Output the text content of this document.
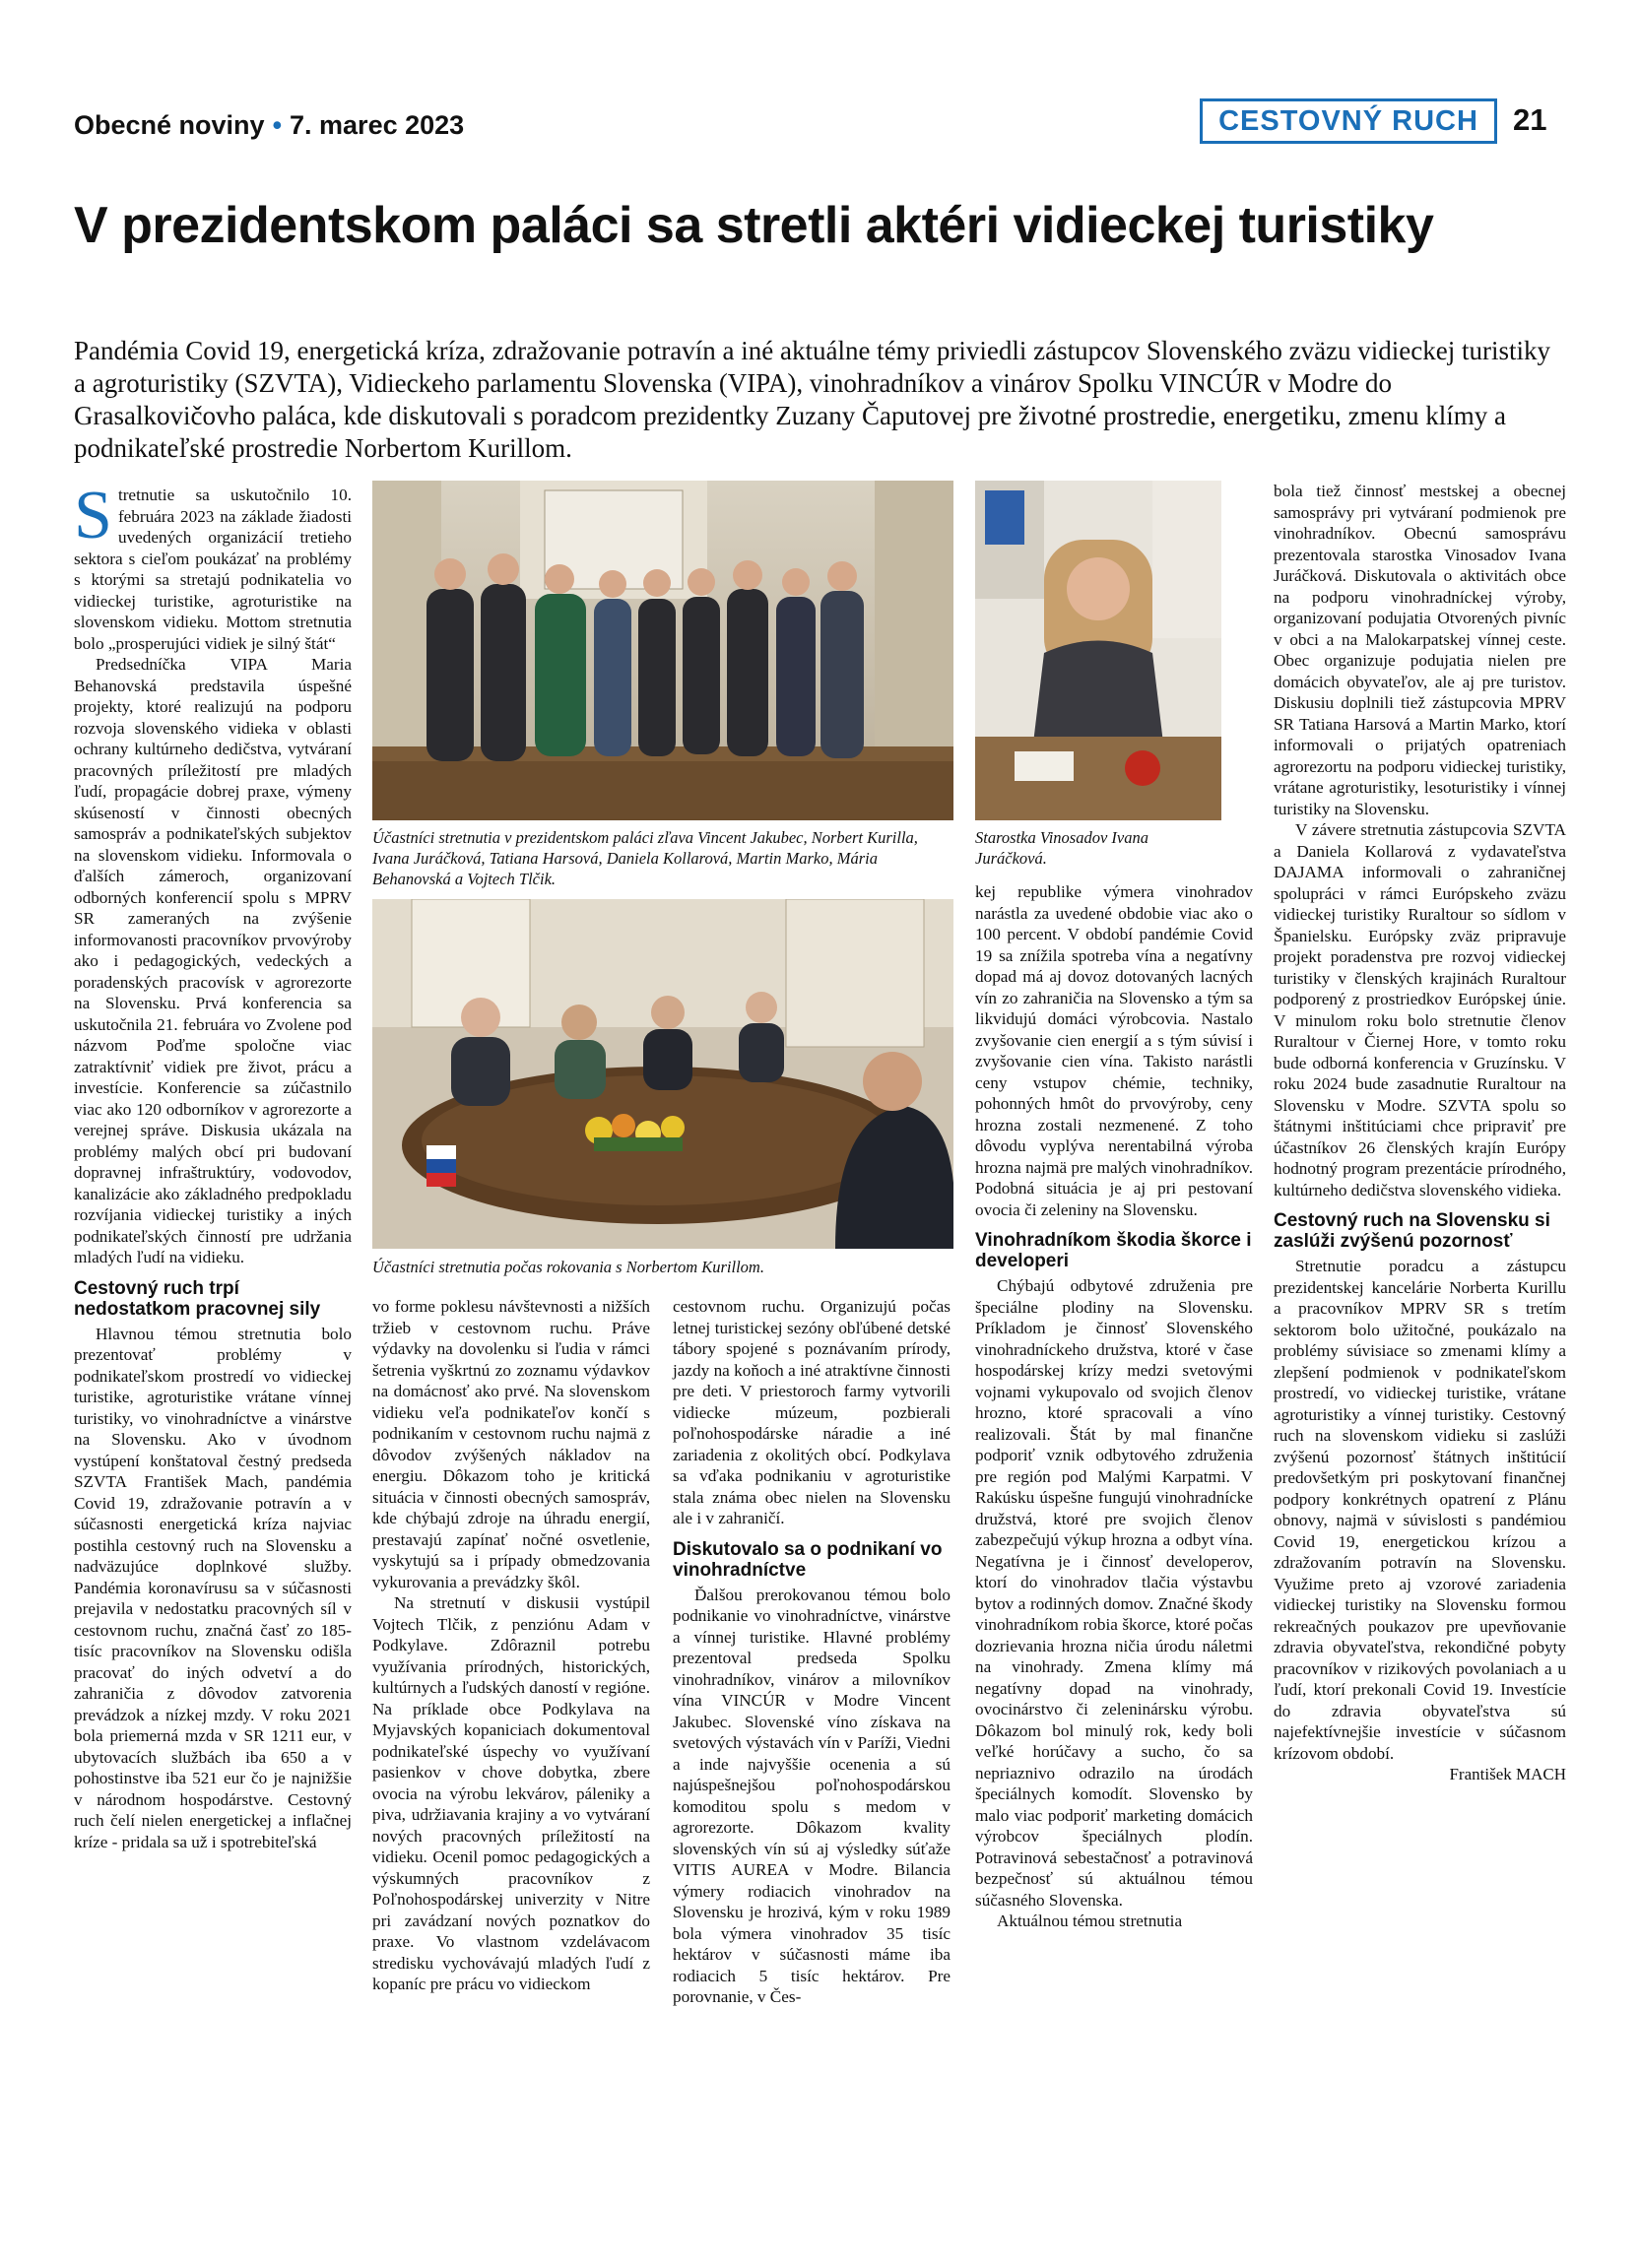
Obecné noviny • 7. marec 2023	CESTOVNÝ RUCH	21
V prezidentskom paláci sa stretli aktéri vidieckej turistiky
Pandémia Covid 19, energetická kríza, zdražovanie potravín a iné aktuálne témy priviedli zástupcov Slovenského zväzu vidieckej turistiky a agroturistiky (SZVTA), Vidieckeho parlamentu Slovenska (VIPA), vinohradníkov a vinárov Spolku VINCÚR v Modre do Grasalkovičovho paláca, kde diskutovali s poradcom prezidentky Zuzany Čaputovej pre životné prostredie, energetiku, zmenu klímy a podnikateľské prostredie Norbertom Kurillom.

Stretnutie sa uskutočnilo 10. februára 2023 na základe žiadosti uvedených organizácií tretieho sektora s cieľom poukázať na problémy s ktorými sa stretajú podnikatelia vo vidieckej turistike, agroturistike na slovenskom vidieku. Mottom stretnutia bolo „prosperujúci vidiek je silný štát“

Predsedníčka VIPA Maria Behanovská predstavila úspešné projekty, ktoré realizujú na podporu rozvoja slovenského vidieka v oblasti ochrany kultúrneho dedičstva, vytváraní pracovných príležitostí pre mladých ľudí, propagácie dobrej praxe, výmeny skúseností v činnosti obecných samospráv a podnikateľských subjektov na slovenskom vidieku. Informovala o ďalších zámeroch, organizovaní odborných konferencií spolu s MPRV SR zameraných na zvýšenie informovanosti pracovníkov prvovýroby ako i pedagogických, vedeckých a poradenských pracovísk v agrorezorte na Slovensku. Prvá konferencia sa uskutočnila 21. februára vo Zvolene pod názvom Poďme spoločne viac zatraktívniť vidiek pre život, prácu a investície. Konferencie sa zúčastnilo viac ako 120 odborníkov v agrorezorte a verejnej správe. Diskusia ukázala na problémy malých obcí pri budovaní dopravnej infraštruktúry, vodovodov, kanalizácie ako základného predpokladu rozvíjania vidieckej turistiky a iných podnikateľských činností pre udržania mladých ľudí na vidieku.

Cestovný ruch trpí nedostatkom pracovnej sily

Hlavnou témou stretnutia bolo prezentovať problémy v podnikateľskom prostredí vo vidieckej turistike, agroturistike vrátane vínnej turistiky, vo vinohradníctve a vinárstve na Slovensku. Ako v úvodnom vystúpení konštatoval čestný predseda SZVTA František Mach, pandémia Covid 19, zdražovanie potravín a v súčasnosti energetická kríza najviac postihla cestovný ruch na Slovensku a nadväzujúce doplnkové služby. Pandémia koronavírusu sa v súčasnosti prejavila v nedostatku pracovných síl v cestovnom ruchu, značná časť zo 185- tisíc pracovníkov na Slovensku odišla pracovať do iných odvetví a do zahraničia z dôvodov zatvorenia prevádzok a nízkej mzdy. V roku 2021 bola priemerná mzda v SR 1211 eur, v ubytovacích službách iba 650 a v pohostinstve iba 521 eur čo je najnižšie v národnom hospodárstve. Cestovný ruch čelí nielen energetickej a inflačnej kríze - pridala sa už i spotrebiteľská

Účastníci stretnutia v prezidentskom paláci zľava Vincent Jakubec, Norbert Kurilla, Ivana Juráčková, Tatiana Harsová, Daniela Kollarová, Martin Marko, Mária Behanovská a Vojtech Tlčik.
Starostka Vinosadov Ivana Juráčková.
Účastníci stretnutia počas rokovania s Norbertom Kurillom.

vo forme poklesu návštevnosti a nižších tržieb v cestovnom ruchu. Práve výdavky na dovolenku si ľudia v rámci šetrenia vyškrtnú zo zoznamu výdavkov na domácnosť ako prvé. Na slovenskom vidieku veľa podnikateľov končí s podnikaním v cestovnom ruchu najmä z dôvodov zvýšených nákladov na energiu. Dôkazom toho je kritická situácia v činnosti obecných samospráv, kde chýbajú zdroje na úhradu energií, prestavajú zapínať nočné osvetlenie, vyskytujú sa i prípady obmedzovania vykurovania a prevádzky škôl.

Na stretnutí v diskusii vystúpil Vojtech Tlčik, z penziónu Adam v Podkylave. Zdôraznil potrebu využívania prírodných, historických, kultúrnych a ľudských daností v regióne. Na príklade obce Podkylava na Myjavských kopaniciach dokumentoval podnikateľské úspechy vo využívaní pasienkov v chove dobytka, zbere ovocia na výrobu lekvárov, páleniky a piva, udržiavania krajiny a vo vytváraní nových pracovných príležitostí na vidieku. Ocenil pomoc pedagogických a výskumných pracovníkov z Poľnohospodárskej univerzity v Nitre pri zavádzaní nových poznatkov do praxe. Vo vlastnom vzdelávacom stredisku vychovávajú mladých ľudí z kopaníc pre prácu vo vidieckom

cestovnom ruchu. Organizujú počas letnej turistickej sezóny obľúbené detské tábory spojené s poznávaním prírody, jazdy na koňoch a iné atraktívne činnosti pre deti. V priestoroch farmy vytvorili vidiecke múzeum, pozbierali poľnohospodárske náradie a iné zariadenia z okolitých obcí. Podkylava sa vďaka podnikaniu v agroturistike stala známa obec nielen na Slovensku ale i v zahraničí.

Diskutovalo sa o podnikaní vo vinohradníctve

Ďalšou prerokovanou témou bolo podnikanie vo vinohradníctve, vinárstve a vínnej turistike. Hlavné problémy prezentoval predseda Spolku vinohradníkov, vinárov a milovníkov vína VINCÚR v Modre Vincent Jakubec. Slovenské víno získava na svetových výstavách vín v Paríži, Viedni a inde najvyššie ocenenia a sú najúspešnejšou poľnohospodárskou komoditou spolu s medom v agrorezorte. Dôkazom kvality slovenských vín sú aj výsledky súťaže VITIS AUREA v Modre. Bilancia výmery rodiacich vinohradov na Slovensku je hrozivá, kým v roku 1989 bola výmera vinohradov 35 tisíc hektárov v súčasnosti máme iba rodiacich 5 tisíc hektárov. Pre porovnanie, v Čes-

kej republike výmera vinohradov narástla za uvedené obdobie viac ako o 100 percent. V období pandémie Covid 19 sa znížila spotreba vína a negatívny dopad má aj dovoz dotovaných lacných vín zo zahraničia na Slovensko a tým sa likvidujú domáci výrobcovia. Nastalo zvyšovanie cien energií a s tým súvisí i zvyšovanie cien vína. Takisto narástli ceny vstupov chémie, techniky, pohonných hmôt do prvovýroby, ceny hrozna zostali nezmenené. Z toho dôvodu vyplýva nerentabilná výroba hrozna najmä pre malých vinohradníkov. Podobná situácia je aj pri pestovaní ovocia či zeleniny na Slovensku.

Vinohradníkom škodia škorce i developeri

Chýbajú odbytové združenia pre špeciálne plodiny na Slovensku. Príkladom je činnosť Slovenského vinohradníckeho družstva, ktoré v čase hospodárskej krízy medzi svetovými vojnami vykupovalo od svojich členov hrozno, ktoré spracovali a víno realizovali. Štát by mal finančne podporiť vznik odbytového združenia pre región pod Malými Karpatmi. V Rakúsku úspešne fungujú vinohradnícke družstvá, ktoré pre svojich členov zabezpečujú výkup hrozna a odbyt vína. Negatívna je i činnosť developerov, ktorí do vinohradov tlačia výstavbu bytov a rodinných domov. Značné škody vinohradníkom robia škorce, ktoré počas dozrievania hrozna ničia úrodu náletmi na vinohrady. Zmena klímy má negatívny dopad na vinohrady, ovocinárstvo či zeleninársku výrobu. Dôkazom bol minulý rok, kedy boli veľké horúčavy a sucho, čo sa nepriaznivo odrazilo na úrodách špeciálnych komodít. Slovensko by malo viac podporiť marketing domácich výrobcov špeciálnych plodín. Potravinová sebestačnosť a potravinová bezpečnosť sú aktuálnou témou súčasného Slovenska.

Aktuálnou témou stretnutia

bola tiež činnosť mestskej a obecnej samosprávy pri vytváraní podmienok pre vinohradníkov. Obecnú samosprávu prezentovala starostka Vinosadov Ivana Juráčková. Diskutovala o aktivitách obce na podporu vinohradníckej výroby, organizovaní podujatia Otvorených pivníc v obci a na Malokarpatskej vínnej ceste. Obec organizuje podujatia nielen pre domácich obyvateľov, ale aj pre turistov. Diskusiu doplnili tiež zástupcovia MPRV SR Tatiana Harsová a Martin Marko, ktorí informovali o prijatých opatreniach agrorezortu na podporu vidieckej turistiky, vrátane agroturistiky, lesoturistiky i vínnej turistiky na Slovensku.

V závere stretnutia zástupcovia SZVTA a Daniela Kollarová z vydavateľstva DAJAMA informovali o zahraničnej spolupráci v rámci Európskeho zväzu vidieckej turistiky Ruraltour so sídlom v Španielsku. Európsky zväz pripravuje projekt poradenstva pre rozvoj vidieckej turistiky v členských krajinách Ruraltour podporený z prostriedkov Európskej únie. V minulom roku bolo stretnutie členov Ruraltour v Čiernej Hore, v tomto roku bude odborná konferencia v Gruzínsku. V roku 2024 bude zasadnutie Ruraltour na Slovensku v Modre. SZVTA spolu so štátnymi inštitúciami chce pripraviť pre účastníkov 26 členských krajín Európy hodnotný program prezentácie prírodného, kultúrneho dedičstva slovenského vidieka.

Cestovný ruch na Slovensku si zaslúži zvýšenú pozornosť

Stretnutie poradcu a zástupcu prezidentskej kancelárie Norberta Kurillu a pracovníkov MPRV SR s tretím sektorom bolo užitočné, poukázalo na problémy súvisiace so zmenami klímy a zlepšení podmienok v podnikateľskom prostredí, vo vidieckej turistike, vrátane agroturistiky a vínnej turistiky. Cestovný ruch na slovenskom vidieku si zaslúži zvýšenú pozornosť štátnych inštitúcií predovšetkým pri poskytovaní finančnej podpory konkrétnych opatrení z Plánu obnovy, najmä v súvislosti s pandémiou Covid 19, energetickou krízou a zdražovaním potravín na Slovensku. Využime preto aj vzorové zariadenia vidieckej turistiky na Slovensku formou rekreačných poukazov pre upevňovanie zdravia obyvateľstva, rekondičné pobyty pracovníkov v rizikových povolaniach a u ľudí, ktorí prekonali Covid 19. Investície do zdravia obyvateľstva sú najefektívnejšie investície v súčasnom krízovom období.

František MACH
